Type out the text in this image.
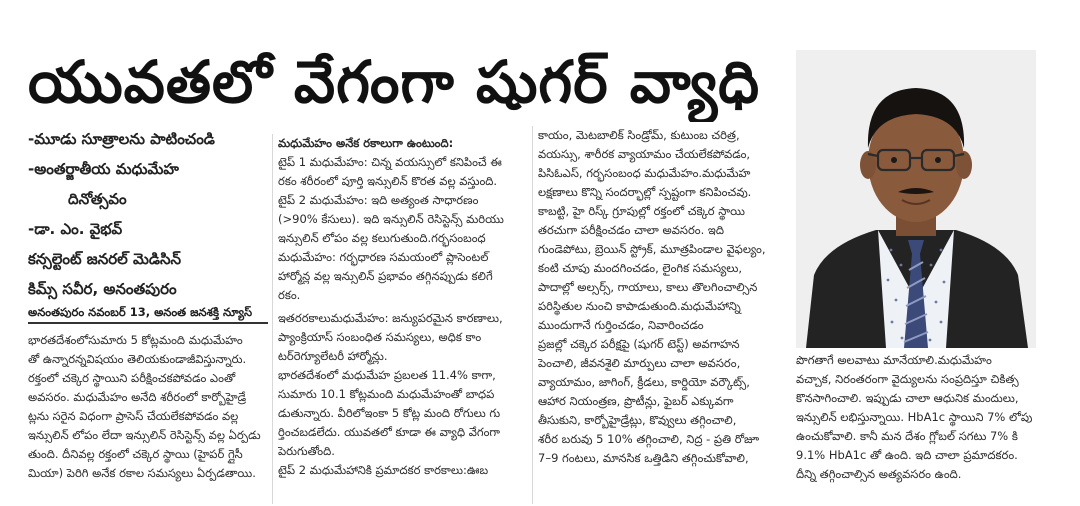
యువతలో వేగంగా షుగర్ వ్యాధి
-మూడు సూత్రాలను పాటించండి
-అంతర్జాతీయ మధుమేహ
దినోత్సవం
-డా. ఎం. వైభవ్
కన్సల్టెంట్ జనరల్ మెడిసిన్
కిమ్స్ సవీర, అనంతపురం
అనంతపురం నవంబర్ 13, అనంత జనశక్తి న్యూస్
భారతదేశంలోసుమారు 5 కోట్లమంది మధుమేహం
తో ఉన్నారన్నవిషయం తెలియకుండాజీవిస్తున్నారు.
రక్తంలో చక్కెర స్థాయిని పరీక్షించకపోవడం ఎంతో
అవసరం. మధుమేహం అనేది శరీరంలో కార్బోహైడ్రే
ట్లను సరైన విధంగా ప్రాసెస్ చేయలేకపోవడం వల్ల
ఇన్సులిన్ లోపం లేదా ఇన్సులిన్ రెసిస్టెన్స్ వల్ల ఏర్పడు
తుంది. దీనివల్ల రక్తంలో చక్కెర స్థాయి (హైపర్ గ్లైసీ
మియా) పెరిగి అనేక రకాల సమస్యలు ఏర్పడతాయి.
మధుమేహం అనేక రకాలుగా ఉంటుంది:
టైప్ 1 మధుమేహం: చిన్న వయస్సులో కనిపించే ఈ
రకం శరీరంలో పూర్తి ఇన్సులిన్ కొరత వల్ల వస్తుంది.
టైప్ 2 మధుమేహం: ఇది అత్యంత సాధారణం
(>90% కేసులు). ఇది ఇన్సులిన్ రెసిస్టెన్స్ మరియు
ఇన్సులిన్ లోపం వల్ల కలుగుతుంది.గర్భసంబంధ
మధుమేహం: గర్భధారణ సమయంలో ప్లాసెంటల్
హార్మోన్ల వల్ల ఇన్సులిన్ ప్రభావం తగ్గినప్పుడు కలిగే
రకం.
ఇతరరకాలుమధుమేహం: జన్యుపరమైన కారణాలు,
ప్యాంక్రియాస్ సంబంధిత సమస్యలు, అధిక కాం
టర్‌రెగ్యూలేటరీ హార్మోన్లు.
భారతదేశంలో మధుమేహ ప్రబలత 11.4% కాగా,
సుమారు 10.1 కోట్లమంది మధుమేహంతో బాధప
డుతున్నారు. వీరిలోఇంకా 5 కోట్ల మంది రోగులు గు
ర్తించబడలేదు. యువతలో కూడా ఈ వ్యాధి వేగంగా
పెరుగుతోంది.
టైప్ 2 మధుమేహానికి ప్రమాదకర కారకాలు:ఊబ
కాయం, మెటబాలిక్ సిండ్రోమ్, కుటుంబ చరిత్ర,
వయస్సు, శారీరక వ్యాయామం చేయలేకపోవడం,
పిసిఓఎస్, గర్భసంబంధ మధుమేహం.మధుమేహ
లక్షణాలు కొన్ని సందర్భాల్లో స్పష్టంగా కనిపించవు.
కాబట్టి, హై రిస్క్ గ్రూపుల్లో రక్తంలో చక్కెర స్థాయి
తరచుగా పరీక్షించడం చాలా అవసరం. ఇది
గుండెపోటు, బ్రెయిన్ స్ట్రోక్, మూత్రపిండాల వైఫల్యం,
కంటి చూపు మందగించడం, లైంగిక సమస్యలు,
పాదాల్లో అల్సర్స్, గాయాలు, కాలు తొలగించాల్సిన
పరిస్థితుల నుంచి కాపాడుతుంది.మధుమేహాన్ని
ముందుగానే గుర్తించడం, నివారించడం
ప్రజల్లో చక్కెర పరీక్షపై (షుగర్ టెస్ట్) అవగాహన
పెంచాలి, జీవనశైలి మార్పులు చాలా అవసరం,
వ్యాయామం, జాగింగ్, క్రీడలు, కార్డియో వర్కౌట్స్,
ఆహార నియంత్రణ, ప్రొటీన్లు, ఫైబర్ ఎక్కువగా
తీసుకుని, కార్బోహైడ్రేట్లు, కొవ్వులు తగ్గించాలి,
శరీర బరువు 5 10% తగ్గించాలి, నిద్ర - ప్రతి రోజూ
7–9 గంటలు, మానసిక ఒత్తిడిని తగ్గించుకోవాలి,
పొగతాగే అలవాటు మానేయాలి.మధుమేహం
వచ్చాక, నిరంతరంగా వైద్యులను సంప్రదిస్తూ చికిత్స
కొనసాగించాలి. ఇప్పుడు చాలా ఆధునిక మందులు,
ఇన్సులిన్ లభిస్తున్నాయి. HbA1c స్థాయిని 7% లోపు
ఉంచుకోవాలి. కానీ మన దేశం గ్లోబల్ సగటు 7% కి
9.1% HbA1c తో ఉంది. ఇది చాలా ప్రమాదకరం.
దీన్ని తగ్గించాల్సిన అత్యవసరం ఉంది.
